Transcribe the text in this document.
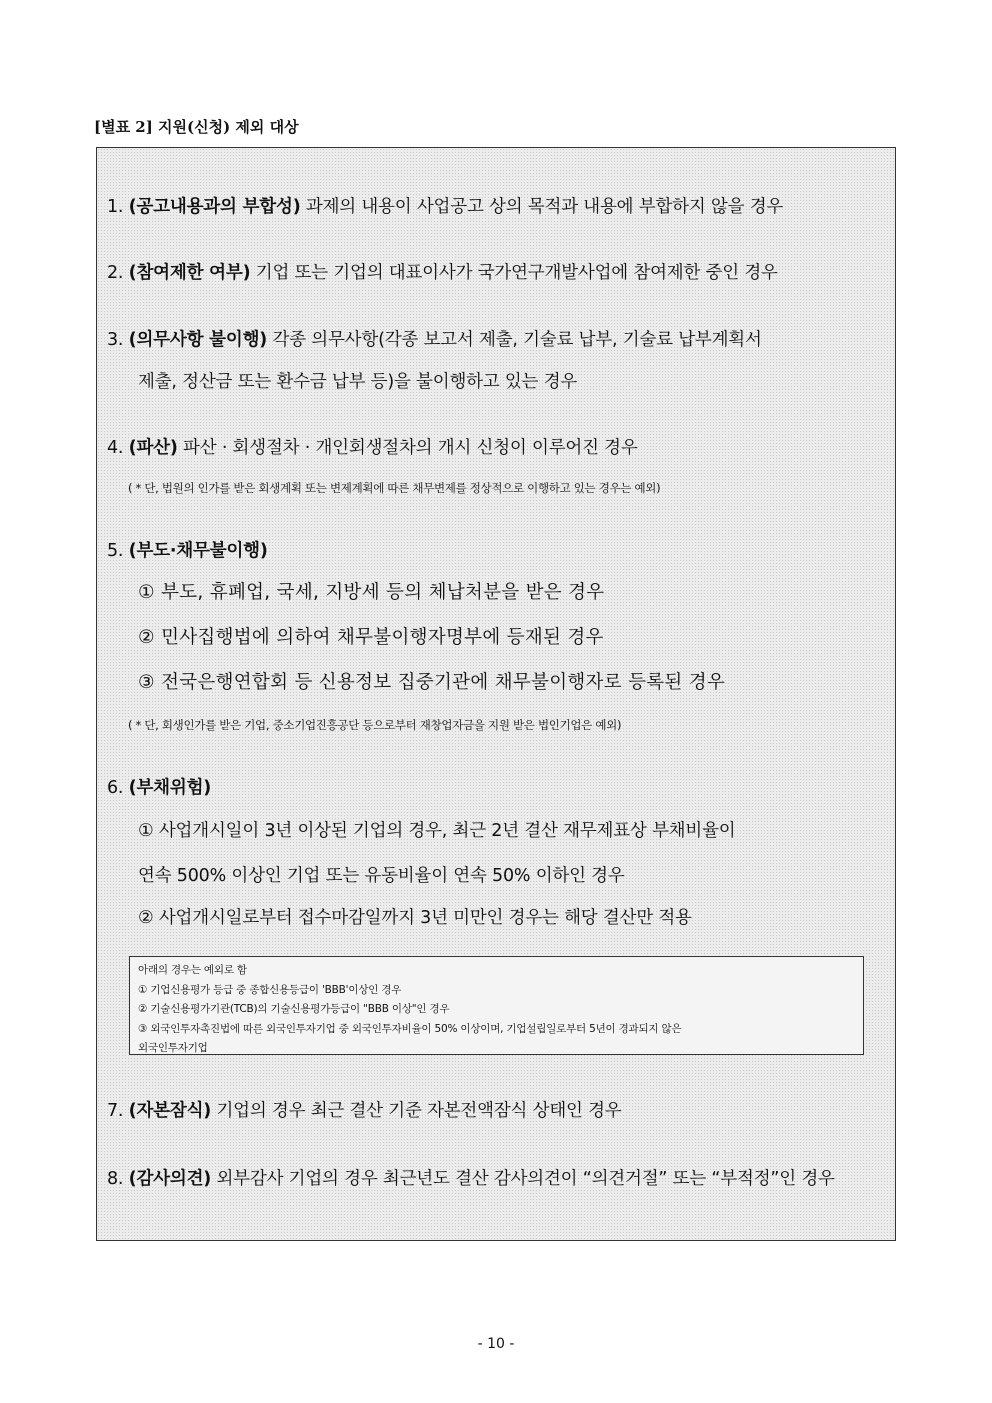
[별표 2] 지원(신청) 제외 대상
1. (공고내용과의 부합성) 과제의 내용이 사업공고 상의 목적과 내용에 부합하지 않을 경우
2. (참여제한 여부) 기업 또는 기업의 대표이사가 국가연구개발사업에 참여제한 중인 경우
3. (의무사항 불이행) 각종 의무사항(각종 보고서 제출, 기술료 납부, 기술료 납부계획서
제출, 정산금 또는 환수금 납부 등)을 불이행하고 있는 경우
4. (파산) 파산 · 회생절차 · 개인회생절차의 개시 신청이 이루어진 경우
( * 단, 법원의 인가를 받은 회생계획 또는 변제계획에 따른 채무변제를 정상적으로 이행하고 있는 경우는 예외)
5. (부도·채무불이행)
① 부도, 휴폐업, 국세, 지방세 등의 체납처분을 받은 경우
② 민사집행법에 의하여 채무불이행자명부에 등재된 경우
③ 전국은행연합회 등 신용정보 집중기관에 채무불이행자로 등록된 경우
( * 단, 회생인가를 받은 기업, 중소기업진흥공단 등으로부터 재창업자금을 지원 받은 법인기업은 예외)
6. (부채위험)
① 사업개시일이 3년 이상된 기업의 경우, 최근 2년 결산 재무제표상 부채비율이
연속 500% 이상인 기업 또는 유동비율이 연속 50% 이하인 경우
② 사업개시일로부터 접수마감일까지 3년 미만인 경우는 해당 결산만 적용
아래의 경우는 예외로 함
① 기업신용평가 등급 중 종합신용등급이 'BBB'이상인 경우
② 기술신용평가기관(TCB)의 기술신용평가등급이 "BBB 이상"인 경우
③ 외국인투자촉진법에 따른 외국인투자기업 중 외국인투자비율이 50% 이상이며, 기업설립일로부터 5년이 경과되지 않은
외국인투자기업
7. (자본잠식) 기업의 경우 최근 결산 기준 자본전액잠식 상태인 경우
8. (감사의견) 외부감사 기업의 경우 최근년도 결산 감사의견이 “의견거절” 또는 “부적정”인 경우
- 10 -
